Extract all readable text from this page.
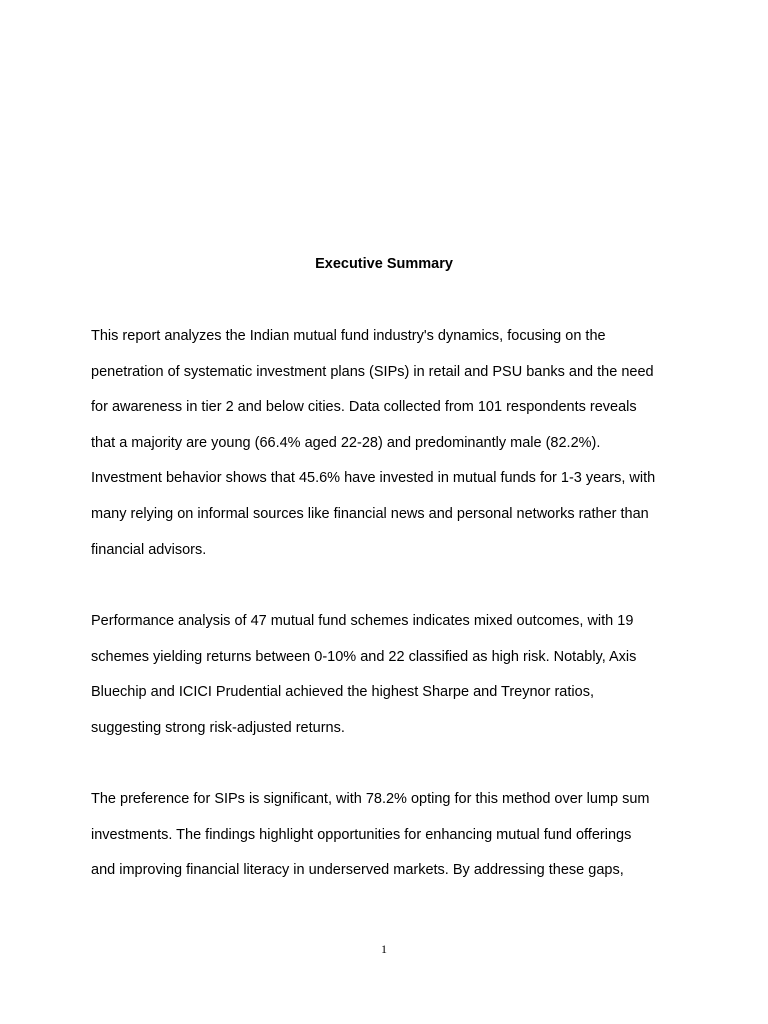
Executive Summary

This report analyzes the Indian mutual fund industry's dynamics, focusing on the
penetration of systematic investment plans (SIPs) in retail and PSU banks and the need
for awareness in tier 2 and below cities. Data collected from 101 respondents reveals
that a majority are young (66.4% aged 22-28) and predominantly male (82.2%).
Investment behavior shows that 45.6% have invested in mutual funds for 1-3 years, with
many relying on informal sources like financial news and personal networks rather than
financial advisors.

Performance analysis of 47 mutual fund schemes indicates mixed outcomes, with 19
schemes yielding returns between 0-10% and 22 classified as high risk. Notably, Axis
Bluechip and ICICI Prudential achieved the highest Sharpe and Treynor ratios,
suggesting strong risk-adjusted returns.

The preference for SIPs is significant, with 78.2% opting for this method over lump sum
investments. The findings highlight opportunities for enhancing mutual fund offerings
and improving financial literacy in underserved markets. By addressing these gaps,

1
